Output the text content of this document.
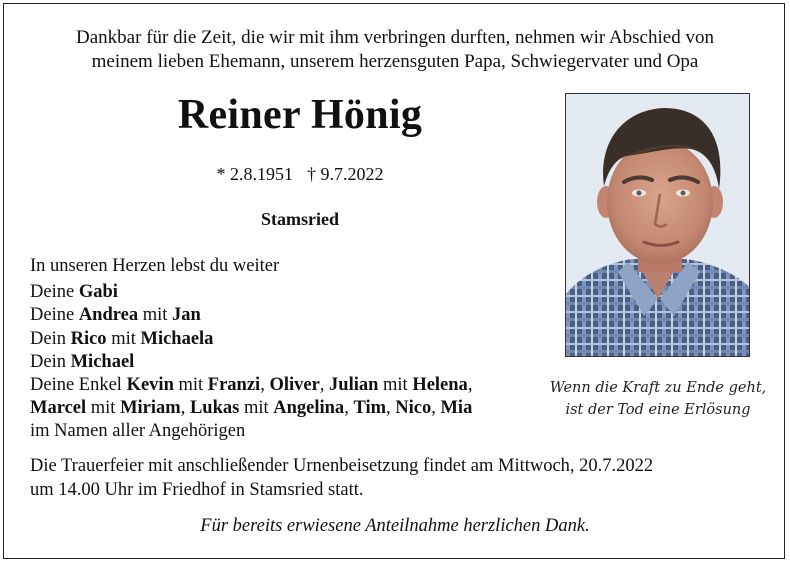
Dankbar für die Zeit, die wir mit ihm verbringen durften, nehmen wir Abschied von
meinem lieben Ehemann, unserem herzensguten Papa, Schwiegervater und Opa
Reiner Hönig
* 2.8.1951 † 9.7.2022
Stamsried
In unseren Herzen lebst du weiter
Deine Gabi
Deine Andrea mit Jan
Dein Rico mit Michaela
Dein Michael
Deine Enkel Kevin mit Franzi, Oliver, Julian mit Helena,
Marcel mit Miriam, Lukas mit Angelina, Tim, Nico, Mia
im Namen aller Angehörigen
Wenn die Kraft zu Ende geht,
ist der Tod eine Erlösung
Die Trauerfeier mit anschließender Urnenbeisetzung findet am Mittwoch, 20.7.2022
um 14.00 Uhr im Friedhof in Stamsried statt.
Für bereits erwiesene Anteilnahme herzlichen Dank.
